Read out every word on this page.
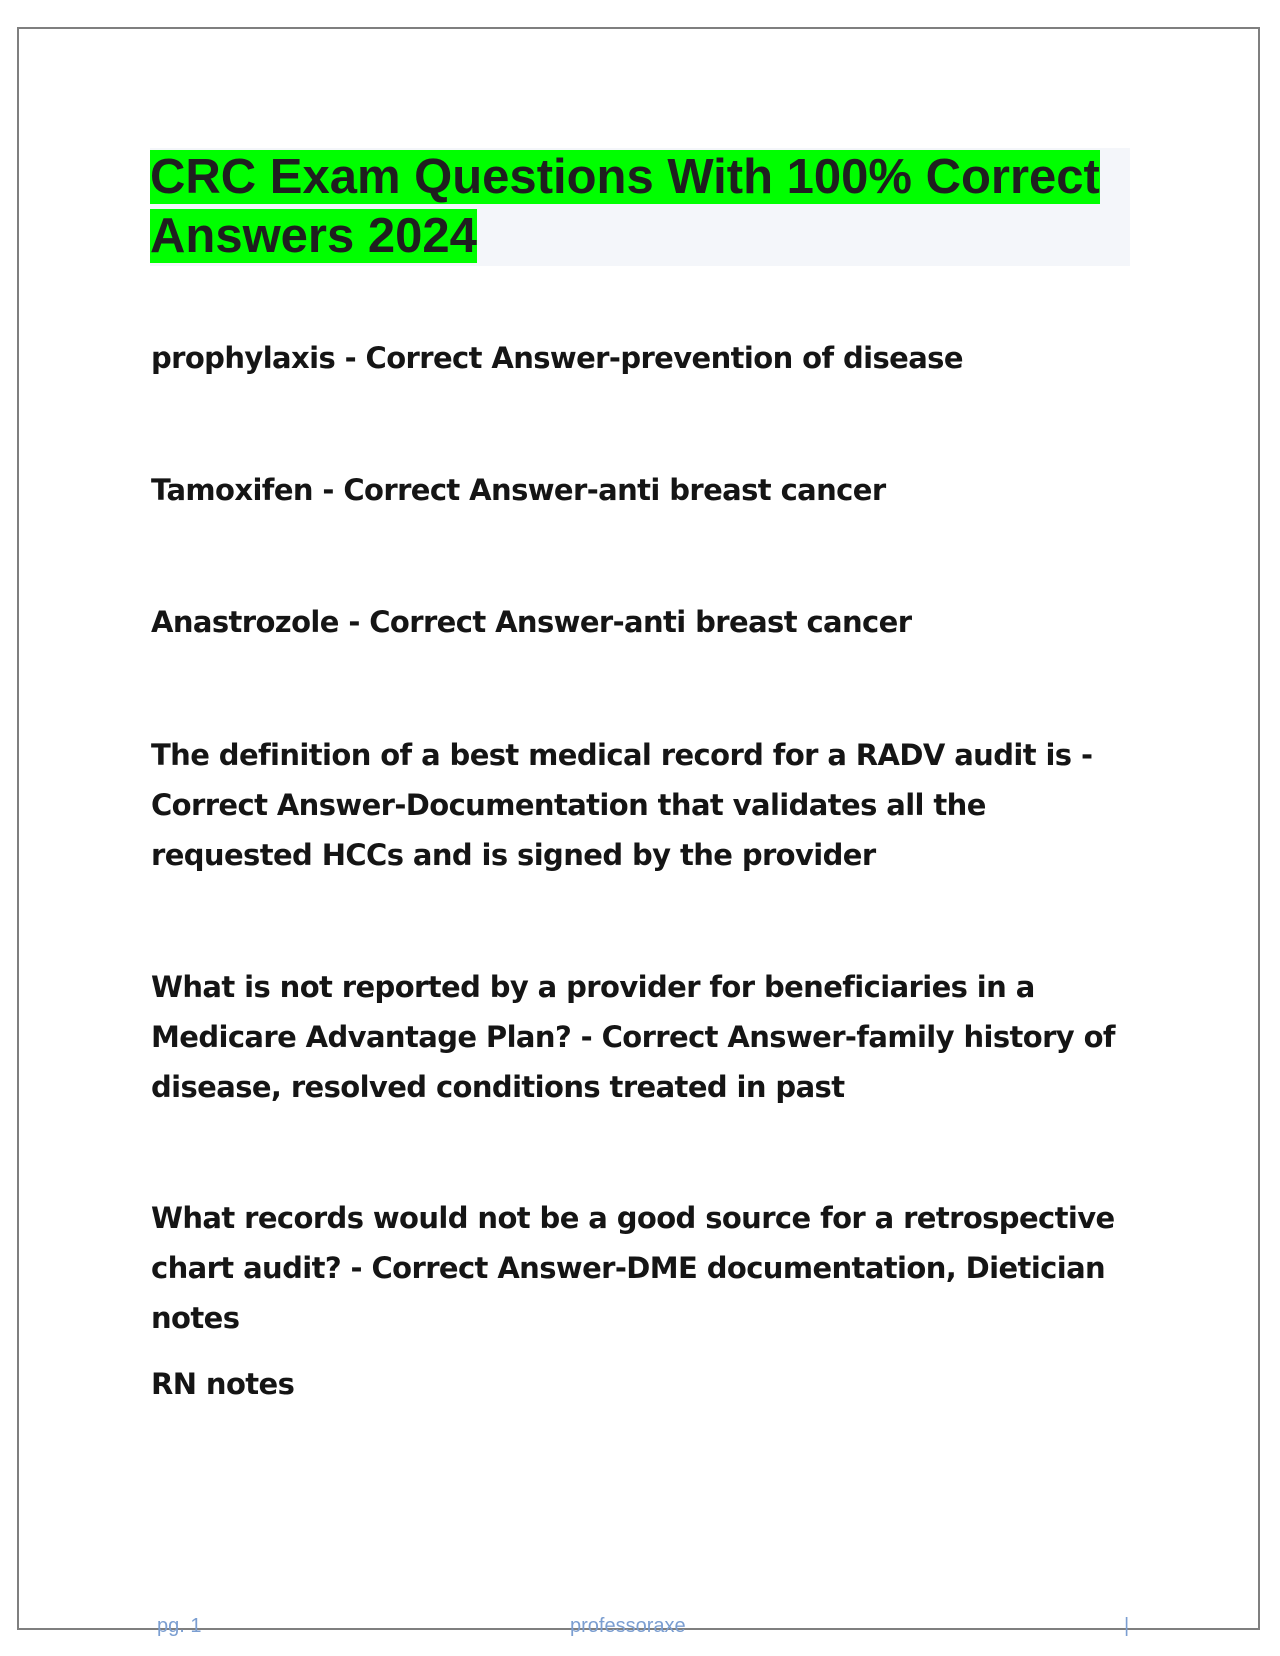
CRC Exam Questions With 100% Correct Answers 2024

prophylaxis - Correct Answer-prevention of disease

Tamoxifen - Correct Answer-anti breast cancer

Anastrozole - Correct Answer-anti breast cancer

The definition of a best medical record for a RADV audit is - Correct Answer-Documentation that validates all the requested HCCs and is signed by the provider

What is not reported by a provider for beneficiaries in a Medicare Advantage Plan? - Correct Answer-family history of disease, resolved conditions treated in past

What records would not be a good source for a retrospective chart audit? - Correct Answer-DME documentation, Dietician notes

RN notes

pg. 1	professoraxe	|
